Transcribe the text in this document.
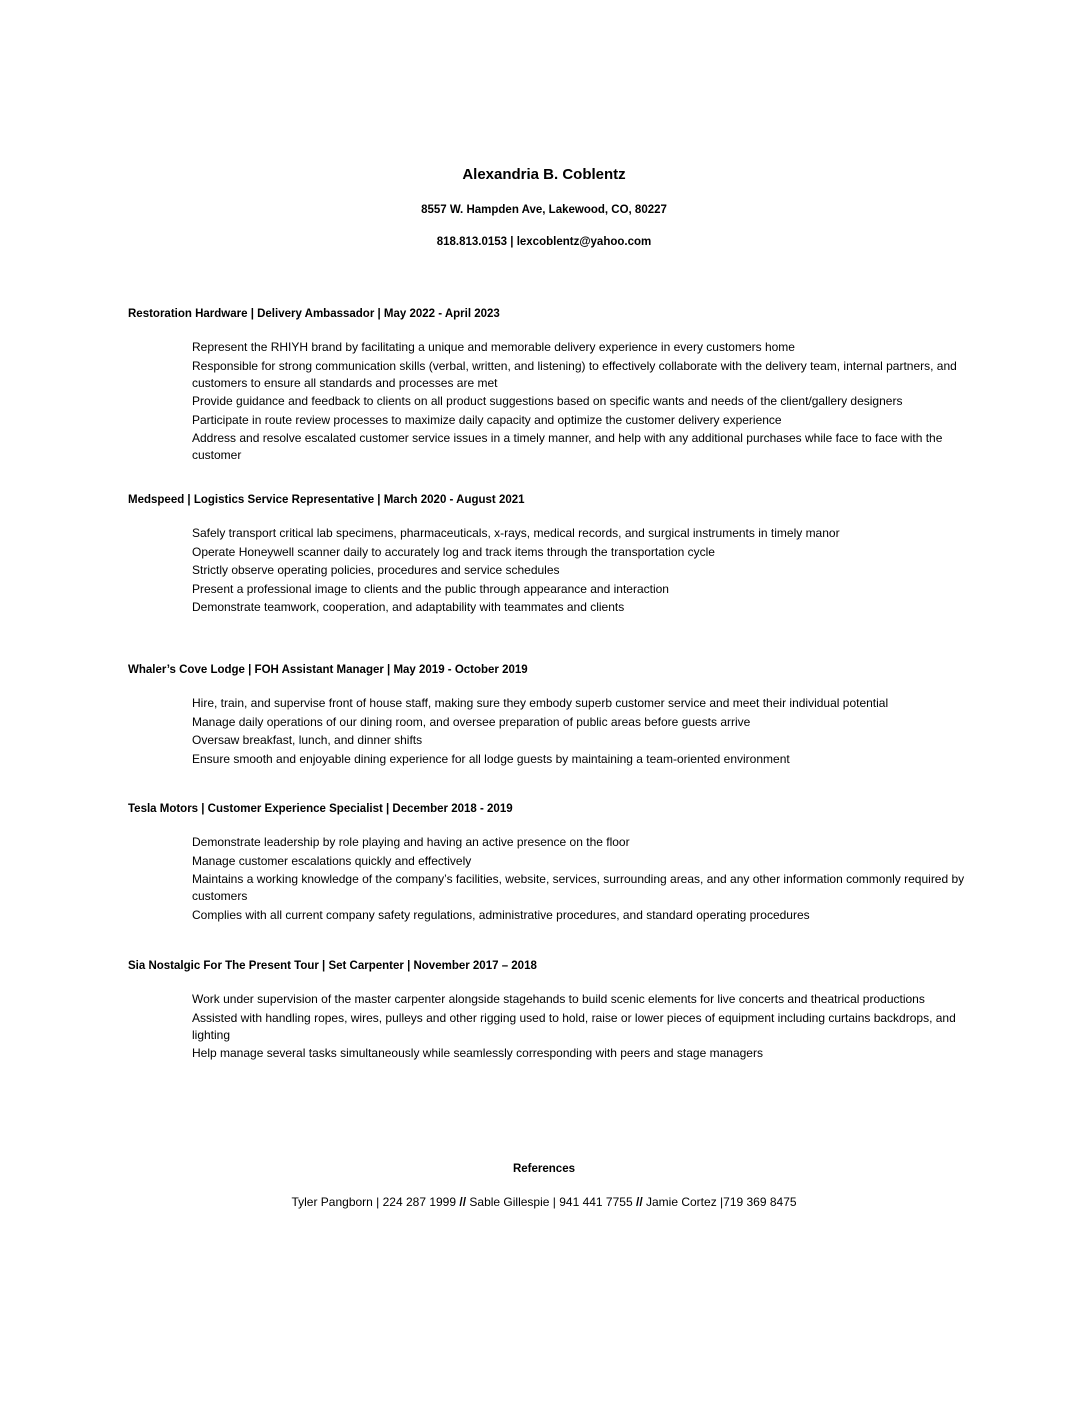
Alexandria B. Coblentz
8557 W. Hampden Ave, Lakewood, CO, 80227
818.813.0153 | lexcoblentz@yahoo.com
Restoration Hardware | Delivery Ambassador | May 2022 - April 2023
Represent the RHIYH brand by facilitating a unique and memorable delivery experience in every customers home
Responsible for strong communication skills (verbal, written, and listening) to effectively collaborate with the delivery team, internal partners, and customers to ensure all standards and processes are met
Provide guidance and feedback to clients on all product suggestions based on specific wants and needs of the client/gallery designers
Participate in route review processes to maximize daily capacity and optimize the customer delivery experience
Address and resolve escalated customer service issues in a timely manner, and help with any additional purchases while face to face with the customer
Medspeed | Logistics Service Representative | March 2020 - August 2021
Safely transport critical lab specimens, pharmaceuticals, x-rays, medical records, and surgical instruments in timely manor
Operate Honeywell scanner daily to accurately log and track items through the transportation cycle
Strictly observe operating policies, procedures and service schedules
Present a professional image to clients and the public through appearance and interaction
Demonstrate teamwork, cooperation, and adaptability with teammates and clients
Whaler’s Cove Lodge | FOH Assistant Manager | May 2019 - October 2019
Hire, train, and supervise front of house staff, making sure they embody superb customer service and meet their individual potential
Manage daily operations of our dining room, and oversee preparation of public areas before guests arrive
Oversaw breakfast, lunch, and dinner shifts
Ensure smooth and enjoyable dining experience for all lodge guests by maintaining a team-oriented environment
Tesla Motors | Customer Experience Specialist | December 2018 - 2019
Demonstrate leadership by role playing and having an active presence on the floor
Manage customer escalations quickly and effectively
Maintains a working knowledge of the company’s facilities, website, services, surrounding areas, and any other information commonly required by customers
Complies with all current company safety regulations, administrative procedures, and standard operating procedures
Sia Nostalgic For The Present Tour | Set Carpenter | November 2017 – 2018
Work under supervision of the master carpenter alongside stagehands to build scenic elements for live concerts and theatrical productions
Assisted with handling ropes, wires, pulleys and other rigging used to hold, raise or lower pieces of equipment including curtains backdrops, and lighting
Help manage several tasks simultaneously while seamlessly corresponding with peers and stage managers
References
Tyler Pangborn | 224 287 1999 // Sable Gillespie | 941 441 7755 // Jamie Cortez |719 369 8475
